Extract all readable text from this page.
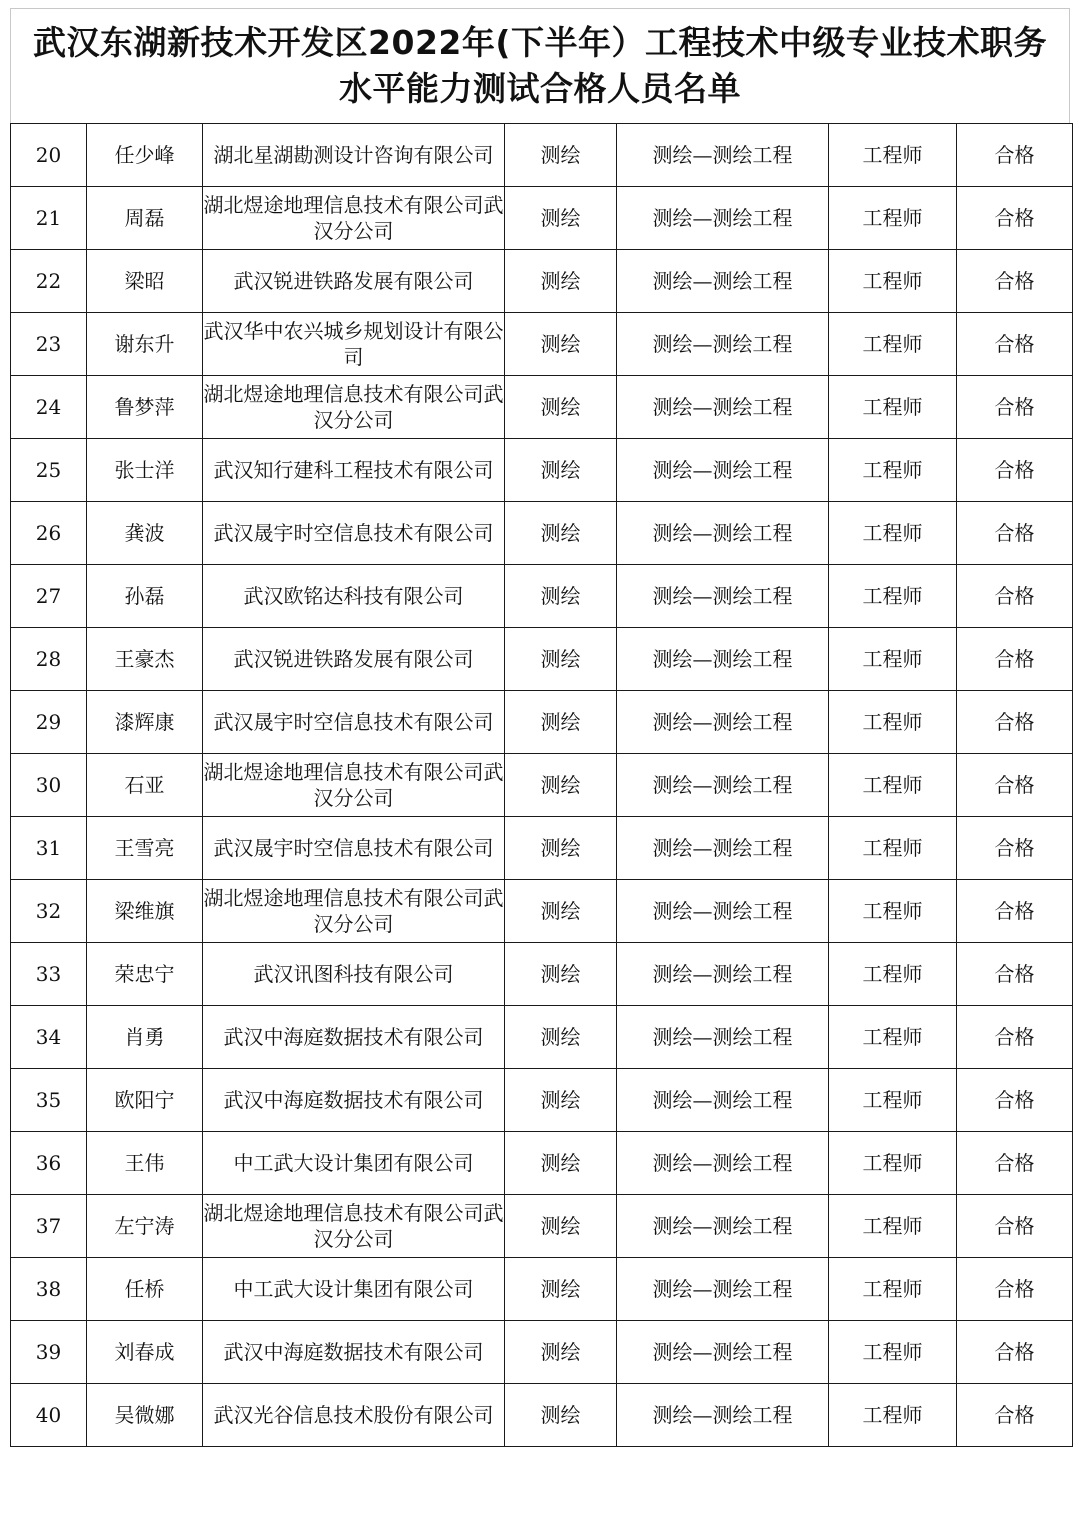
武汉东湖新技术开发区2022年(下半年）工程技术中级专业技术职务
水平能力测试合格人员名单
20	任少峰	湖北星湖勘测设计咨询有限公司	测绘	测绘—测绘工程	工程师	合格
21	周磊	湖北煜途地理信息技术有限公司武汉分公司	测绘	测绘—测绘工程	工程师	合格
22	梁昭	武汉锐进铁路发展有限公司	测绘	测绘—测绘工程	工程师	合格
23	谢东升	武汉华中农兴城乡规划设计有限公司	测绘	测绘—测绘工程	工程师	合格
24	鲁梦萍	湖北煜途地理信息技术有限公司武汉分公司	测绘	测绘—测绘工程	工程师	合格
25	张士洋	武汉知行建科工程技术有限公司	测绘	测绘—测绘工程	工程师	合格
26	龚波	武汉晟宇时空信息技术有限公司	测绘	测绘—测绘工程	工程师	合格
27	孙磊	武汉欧铭达科技有限公司	测绘	测绘—测绘工程	工程师	合格
28	王豪杰	武汉锐进铁路发展有限公司	测绘	测绘—测绘工程	工程师	合格
29	漆辉康	武汉晟宇时空信息技术有限公司	测绘	测绘—测绘工程	工程师	合格
30	石亚	湖北煜途地理信息技术有限公司武汉分公司	测绘	测绘—测绘工程	工程师	合格
31	王雪亮	武汉晟宇时空信息技术有限公司	测绘	测绘—测绘工程	工程师	合格
32	梁维旗	湖北煜途地理信息技术有限公司武汉分公司	测绘	测绘—测绘工程	工程师	合格
33	荣忠宁	武汉讯图科技有限公司	测绘	测绘—测绘工程	工程师	合格
34	肖勇	武汉中海庭数据技术有限公司	测绘	测绘—测绘工程	工程师	合格
35	欧阳宁	武汉中海庭数据技术有限公司	测绘	测绘—测绘工程	工程师	合格
36	王伟	中工武大设计集团有限公司	测绘	测绘—测绘工程	工程师	合格
37	左宁涛	湖北煜途地理信息技术有限公司武汉分公司	测绘	测绘—测绘工程	工程师	合格
38	任桥	中工武大设计集团有限公司	测绘	测绘—测绘工程	工程师	合格
39	刘春成	武汉中海庭数据技术有限公司	测绘	测绘—测绘工程	工程师	合格
40	吴微娜	武汉光谷信息技术股份有限公司	测绘	测绘—测绘工程	工程师	合格
